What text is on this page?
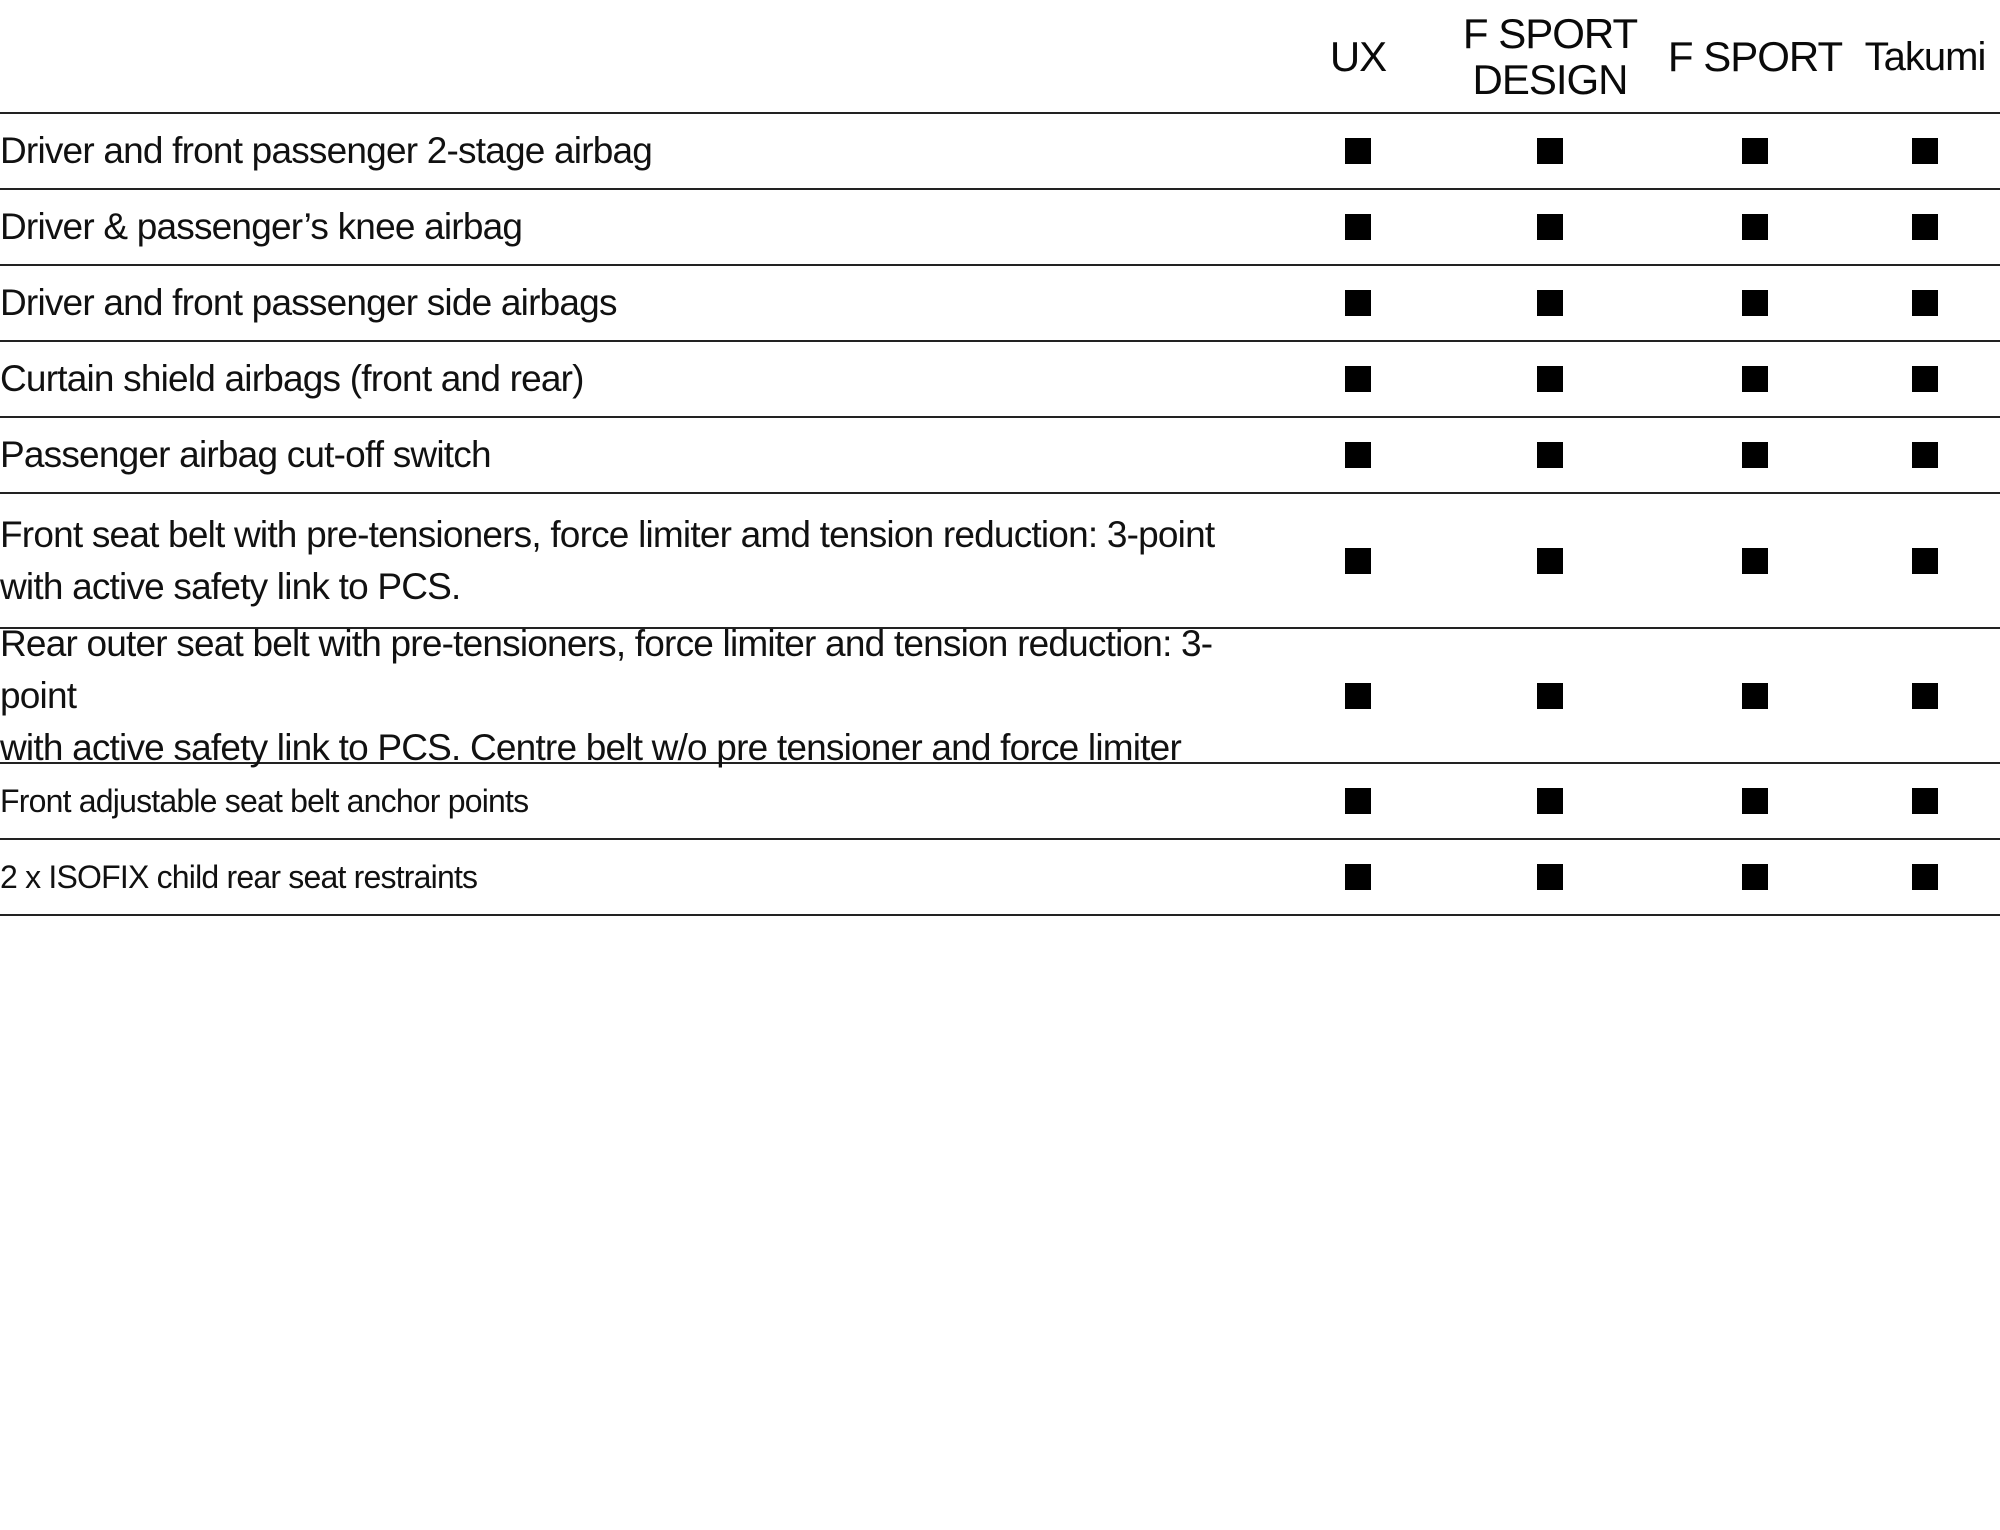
UX	F SPORT
DESIGN F SPORT Takumi
Driver and front passenger 2-stage airbag
Driver & passenger’s knee airbag
Driver and front passenger side airbags
Curtain shield airbags (front and rear)
Passenger airbag cut-off switch
Front seat belt with pre-tensioners, force limiter amd tension reduction: 3-point
with active safety link to PCS.
Rear outer seat belt with pre-tensioners, force limiter and tension reduction: 3-point
with active safety link to PCS. Centre belt w/o pre tensioner and force limiter
Front adjustable seat belt anchor points
2 x ISOFIX child rear seat restraints
